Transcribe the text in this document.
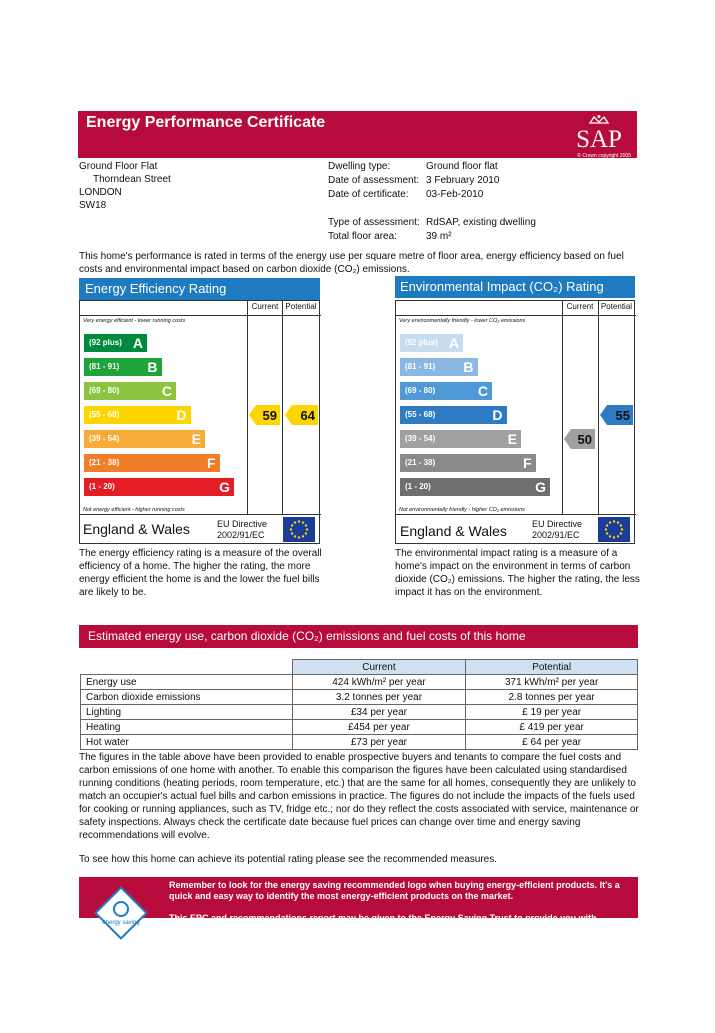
Energy Performance Certificate
SAP
© Crown copyright 2005
Ground Floor Flat
Thorndean Street
LONDON
SW18
Dwelling type:	Ground floor flat
Date of assessment: 3 February 2010
Date of certificate: 03-Feb-2010
Type of assessment: RdSAP, existing dwelling
Total floor area:	39 m²
This home's performance is rated in terms of the energy use per square metre of floor area, energy efficiency based on fuel costs and environmental impact based on carbon dioxide (CO₂) emissions.
Energy Efficiency Rating
Current Potential
Very energy efficient - lower running costs
Not energy efficient - higher running costs
England & Wales	EU Directive
2002/91/EC
(92 plus) A
(81 - 91) B
(69 - 80)	C
(55 - 68)	D
(39 - 54)	E
(21 - 38)	F
(1 - 20)	G
59 64
The energy efficiency rating is a measure of the overall efficiency of a home. The higher the rating, the more energy efficient the home is and the lower the fuel bills are likely to be.
Environmental Impact (CO₂) Rating
Current Potential
Very environmentally friendly - lower CO₂ emissions
Not environmentally friendly - higher CO₂ emissions
England & Wales	EU Directive
2002/91/EC
(92 plus) A
(81 - 91) B
(69 - 80)	C
(55 - 68)	D
(39 - 54)	E
(21 - 38)	F
(1 - 20)	G
50
55
The environmental impact rating is a measure of a home's impact on the environment in terms of carbon dioxide (CO₂) emissions. The higher the rating, the less impact it has on the environment.
Estimated energy use, carbon dioxide (CO₂) emissions and fuel costs of this home
	Current	Potential
Energy use	424 kWh/m² per year	371 kWh/m² per year
Carbon dioxide emissions	3.2 tonnes per year	2.8 tonnes per year
Lighting	£34 per year	£ 19 per year
Heating	£454 per year	£ 419 per year
Hot water	£73 per year	£ 64 per year
The figures in the table above have been provided to enable prospective buyers and tenants to compare the fuel costs and carbon emissions of one home with another. To enable this comparison the figures have been calculated using standardised running conditions (heating periods, room temperature, etc.) that are the same for all homes, consequently they are unlikely to match an occupier's actual fuel bills and carbon emissions in practice. The figures do not include the impacts of the fuels used for cooking or running appliances, such as TV, fridge etc.; nor do they reflect the costs associated with service, maintenance or safety inspections. Always check the certificate date because fuel prices can change over time and energy saving recommendations will evolve.
To see how this home can achieve its potential rating please see the recommended measures.
energy saving
Remember to look for the energy saving recommended logo when buying energy-efficient products. It's a quick and easy way to identify the most energy-efficient products on the market.
This EPC and recommendations report may be given to the Energy Saving Trust to provide you with
